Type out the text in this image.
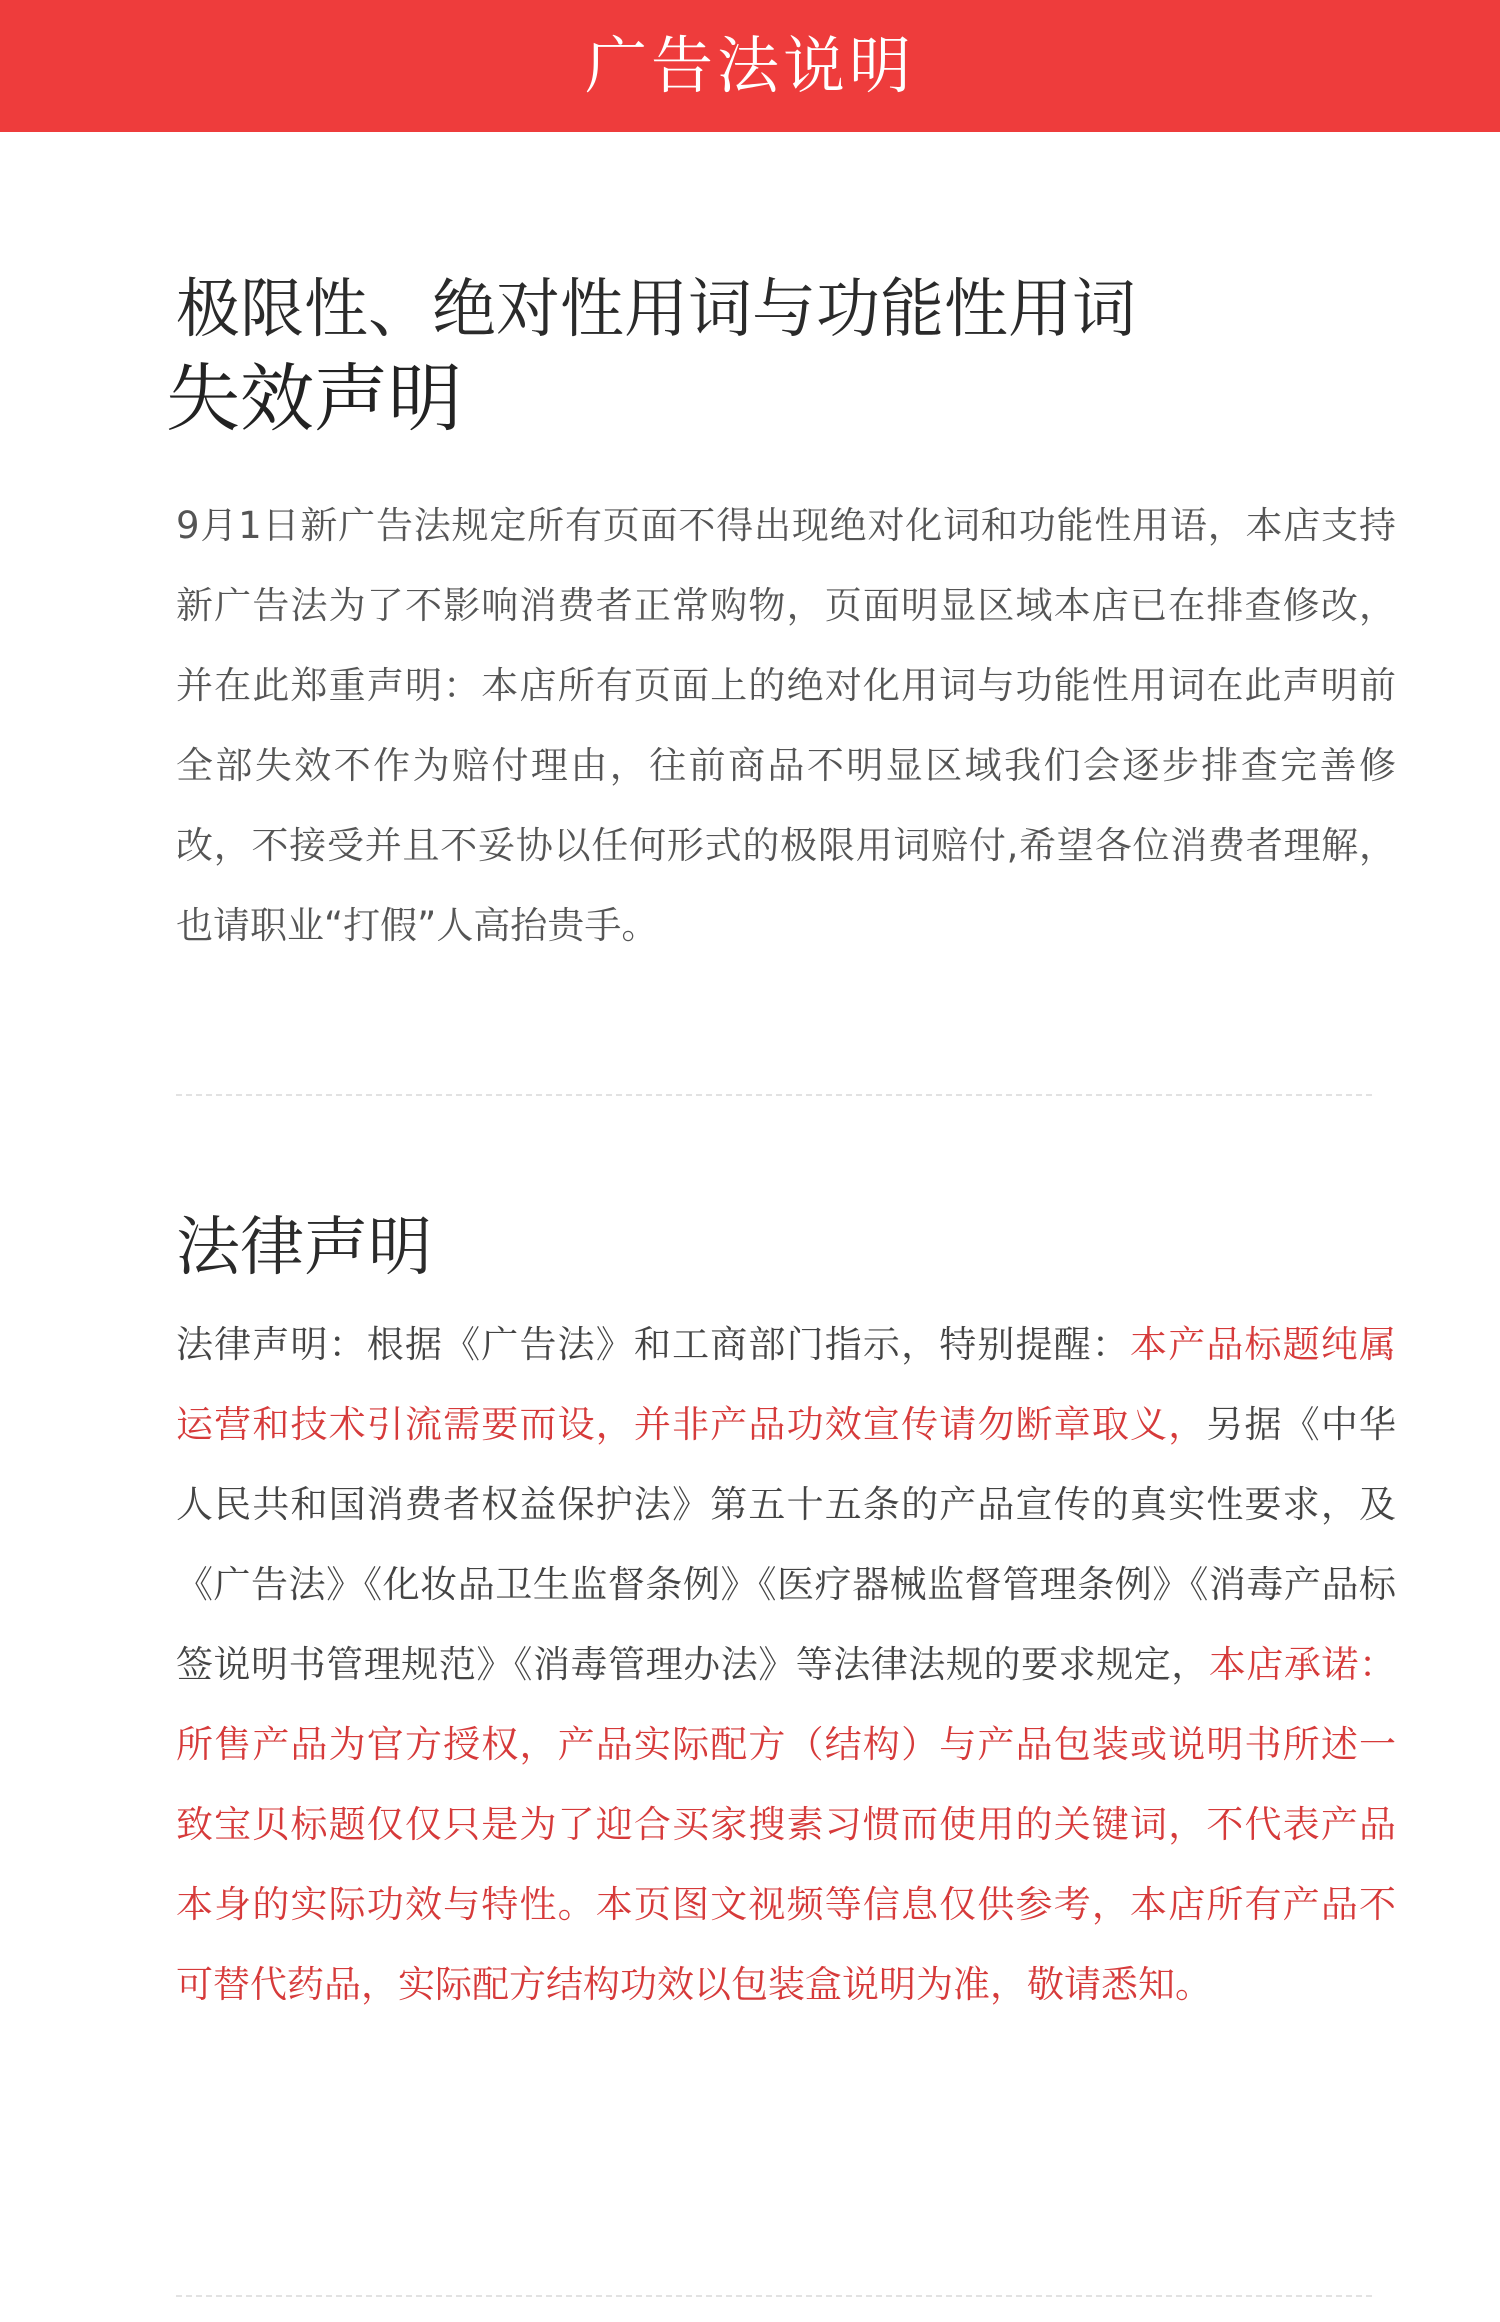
广告法说明
极限性、绝对性用词与功能性用词
失效声明

9月1日新广告法规定所有页面不得出现绝对化词和功能性用语，本店支持新广告法为了不影响消费者正常购物，页面明显区域本店已在排查修改，并在此郑重声明：本店所有页面上的绝对化用词与功能性用词在此声明前全部失效不作为赔付理由，往前商品不明显区域我们会逐步排查完善修改，不接受并且不妥协以任何形式的极限用词赔付,希望各位消费者理解，也请职业“打假”人高抬贵手。

法律声明

法律声明：根据《广告法》和工商部门指示，特别提醒：本产品标题纯属运营和技术引流需要而设，并非产品功效宣传请勿断章取义，另据《中华人民共和国消费者权益保护法》第五十五条的产品宣传的真实性要求，及《广告法》《化妆品卫生监督条例》《医疗器械监督管理条例》《消毒产品标签说明书管理规范》《消毒管理办法》等法律法规的要求规定，本店承诺：所售产品为官方授权，产品实际配方（结构）与产品包装或说明书所述一致宝贝标题仅仅只是为了迎合买家搜素习惯而使用的关键词，不代表产品本身的实际功效与特性。本页图文视频等信息仅供参考，本店所有产品不可替代药品，实际配方结构功效以包装盒说明为准，敬请悉知。
